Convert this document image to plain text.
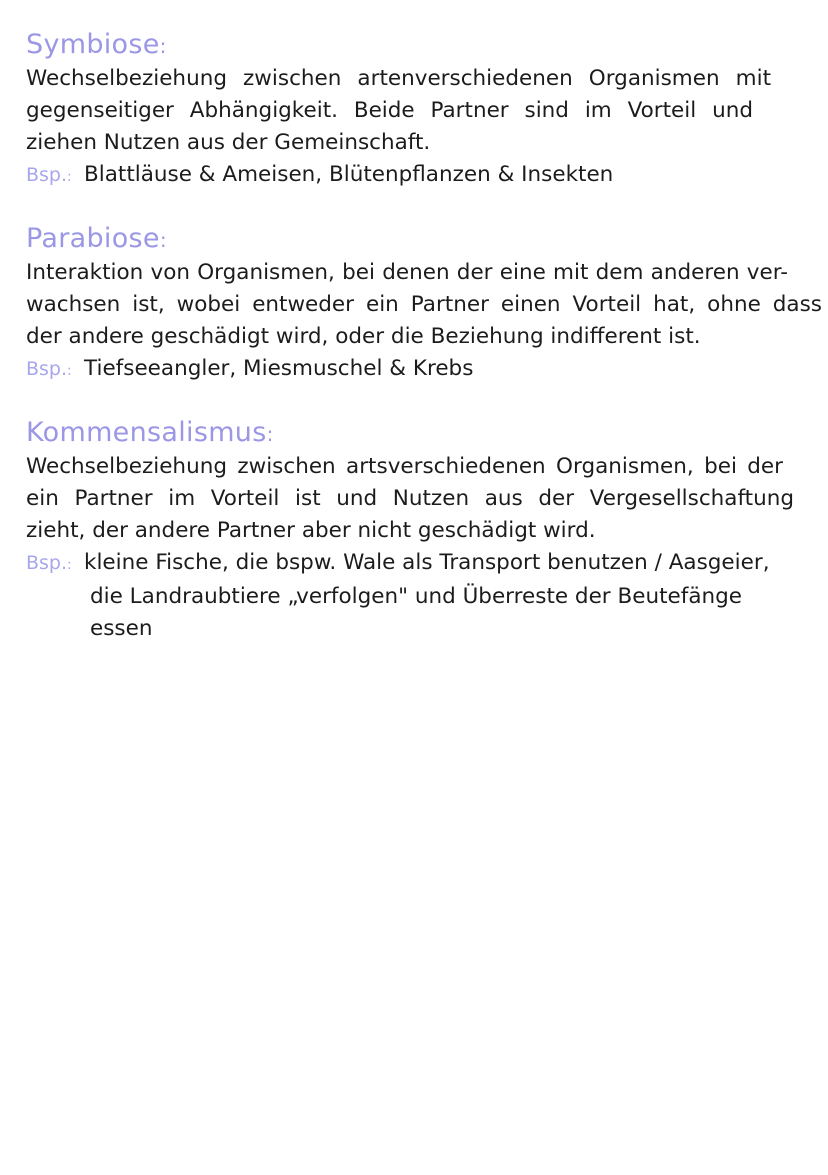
Symbiose:

Wechselbeziehung zwischen artenverschiedenen Organismen mit

gegenseitiger Abhängigkeit. Beide Partner sind im Vorteil und

ziehen Nutzen aus der Gemeinschaft.

Bsp.: Blattläuse & Ameisen, Blütenpflanzen & Insekten

Parabiose:

Interaktion von Organismen, bei denen der eine mit dem anderen ver-

wachsen ist, wobei entweder ein Partner einen Vorteil hat, ohne dass

der andere geschädigt wird, oder die Beziehung indifferent ist.

Bsp.: Tiefseeangler, Miesmuschel & Krebs

Kommensalismus:

Wechselbeziehung zwischen artsverschiedenen Organismen, bei der

ein Partner im Vorteil ist und Nutzen aus der Vergesellschaftung

zieht, der andere Partner aber nicht geschädigt wird.

Bsp.: kleine Fische, die bspw. Wale als Transport benutzen / Aasgeier,

die Landraubtiere „verfolgen" und Überreste der Beutefänge

essen
